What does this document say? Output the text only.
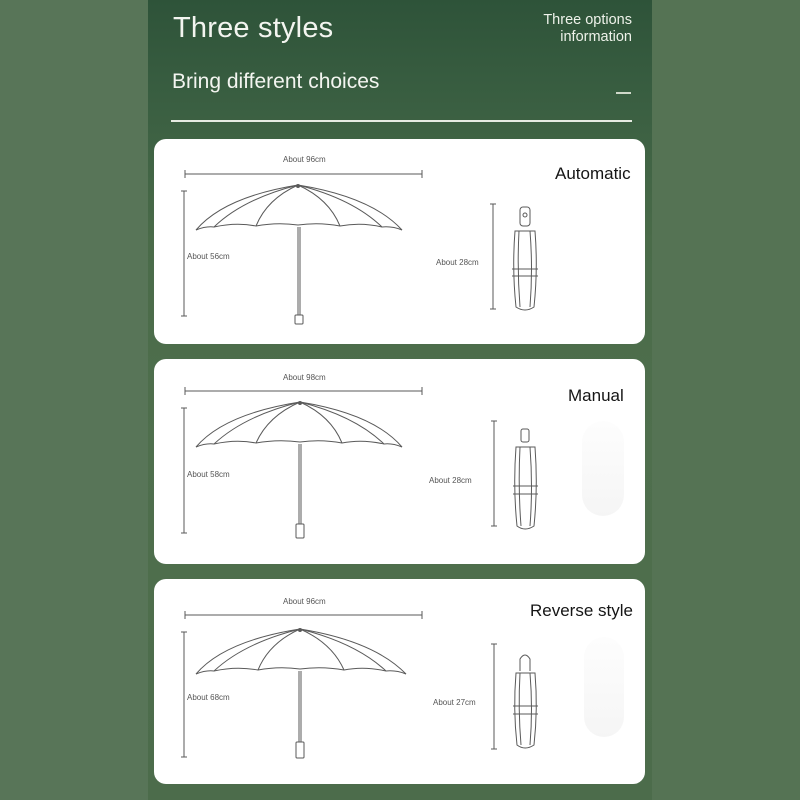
Three styles	Three options
information
Bring different choices
About 96cm
About 56cm
About 28cm
Automatic
About 98cm
About 58cm
About 28cm
Manual
About 96cm
About 68cm
About 27cm
Reverse style
